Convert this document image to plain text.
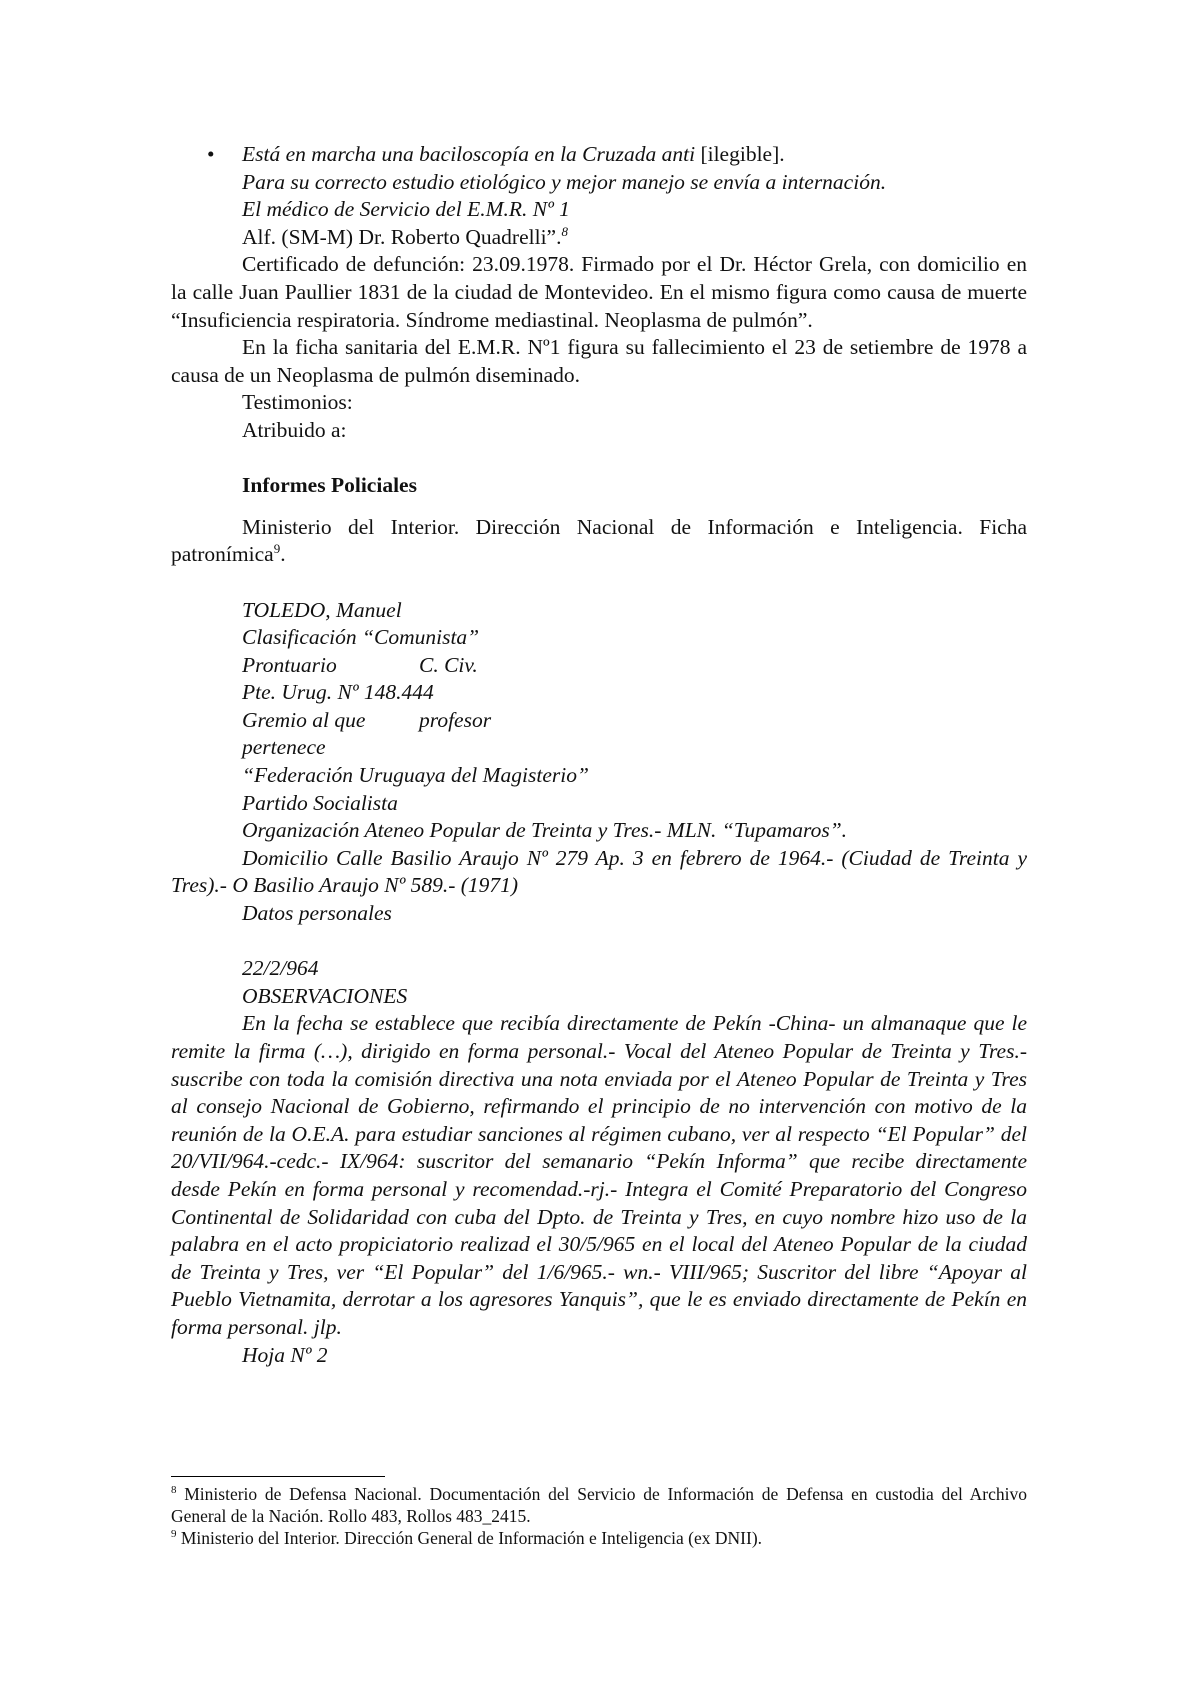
• Está en marcha una baciloscopía en la Cruzada anti [ilegible].

Para su correcto estudio etiológico y mejor manejo se envía a internación.

El médico de Servicio del E.M.R. Nº 1

Alf. (SM-M) Dr. Roberto Quadrelli”.$^8$

Certificado de defunción: 23.09.1978. Firmado por el Dr. Héctor Grela, con domicilio en la calle Juan Paullier 1831 de la ciudad de Montevideo. En el mismo figura como causa de muerte “Insuficiencia respiratoria. Síndrome mediastinal. Neoplasma de pulmón”.

En la ficha sanitaria del E.M.R. Nº1 figura su fallecimiento el 23 de setiembre de 1978 a causa de un Neoplasma de pulmón diseminado.

Testimonios:

Atribuido a:

Informes Policiales

Ministerio del Interior. Dirección Nacional de Información e Inteligencia. Ficha patronímica$^9$.

TOLEDO, Manuel

Clasificación “Comunista”

Prontuario	C. Civ.

Pte. Urug. Nº 148.444

Gremio al que pertenece
profesor

“Federación Uruguaya del Magisterio”

Partido Socialista

Organización Ateneo Popular de Treinta y Tres.- MLN. “Tupamaros”.

Domicilio Calle Basilio Araujo Nº 279 Ap. 3 en febrero de 1964.- (Ciudad de Treinta y Tres).- O Basilio Araujo Nº 589.- (1971)

Datos personales

22/2/964

OBSERVACIONES

En la fecha se establece que recibía directamente de Pekín -China- un almanaque que le remite la firma (…), dirigido en forma personal.- Vocal del Ateneo Popular de Treinta y Tres.- suscribe con toda la comisión directiva una nota enviada por el Ateneo Popular de Treinta y Tres al consejo Nacional de Gobierno, refirmando el principio de no intervención con motivo de la reunión de la O.E.A. para estudiar sanciones al régimen cubano, ver al respecto “El Popular” del 20/VII/964.-cedc.- IX/964: suscritor del semanario “Pekín Informa” que recibe directamente desde Pekín en forma personal y recomendad.-rj.- Integra el Comité Preparatorio del Congreso Continental de Solidaridad con cuba del Dpto. de Treinta y Tres, en cuyo nombre hizo uso de la palabra en el acto propiciatorio realizad el 30/5/965 en el local del Ateneo Popular de la ciudad de Treinta y Tres, ver “El Popular” del 1/6/965.- wn.- VIII/965; Suscritor del libre “Apoyar al Pueblo Vietnamita, derrotar a los agresores Yanquis”, que le es enviado directamente de Pekín en forma personal. jlp.

Hoja Nº 2

$^8$ Ministerio de Defensa Nacional. Documentación del Servicio de Información de Defensa en custodia del Archivo General de la Nación. Rollo 483, Rollos 483_2415.

$^9$ Ministerio del Interior. Dirección General de Información e Inteligencia (ex DNII).
